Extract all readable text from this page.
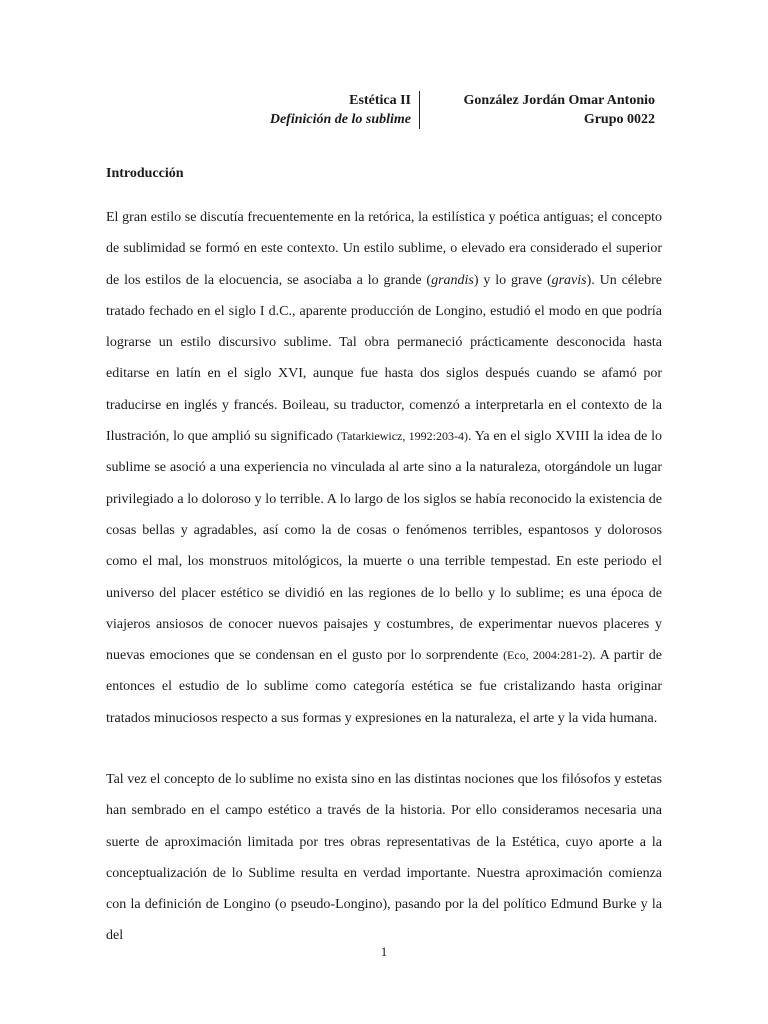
Estética II
Definición de lo sublime
González Jordán Omar Antonio
Grupo 0022
Introducción

El gran estilo se discutía frecuentemente en la retórica, la estilística y poética antiguas; el concepto de sublimidad se formó en este contexto. Un estilo sublime, o elevado era considerado el superior de los estilos de la elocuencia, se asociaba a lo grande (grandis) y lo grave (gravis). Un célebre tratado fechado en el siglo I d.C., aparente producción de Longino, estudió el modo en que podría lograrse un estilo discursivo sublime. Tal obra permaneció prácticamente desconocida hasta editarse en latín en el siglo XVI, aunque fue hasta dos siglos después cuando se afamó por traducirse en inglés y francés. Boileau, su traductor, comenzó a interpretarla en el contexto de la Ilustración, lo que amplió su significado (Tatarkiewicz, 1992:203-4). Ya en el siglo XVIII la idea de lo sublime se asoció a una experiencia no vinculada al arte sino a la naturaleza, otorgándole un lugar privilegiado a lo doloroso y lo terrible. A lo largo de los siglos se había reconocido la existencia de cosas bellas y agradables, así como la de cosas o fenómenos terribles, espantosos y dolorosos como el mal, los monstruos mitológicos, la muerte o una terrible tempestad. En este periodo el universo del placer estético se dividió en las regiones de lo bello y lo sublime; es una época de viajeros ansiosos de conocer nuevos paisajes y costumbres, de experimentar nuevos placeres y nuevas emociones que se condensan en el gusto por lo sorprendente (Eco, 2004:281-2). A partir de entonces el estudio de lo sublime como categoría estética se fue cristalizando hasta originar tratados minuciosos respecto a sus formas y expresiones en la naturaleza, el arte y la vida humana.

Tal vez el concepto de lo sublime no exista sino en las distintas nociones que los filósofos y estetas han sembrado en el campo estético a través de la historia. Por ello consideramos necesaria una suerte de aproximación limitada por tres obras representativas de la Estética, cuyo aporte a la conceptualización de lo Sublime resulta en verdad importante. Nuestra aproximación comienza con la definición de Longino (o pseudo-Longino), pasando por la del político Edmund Burke y la del

1
